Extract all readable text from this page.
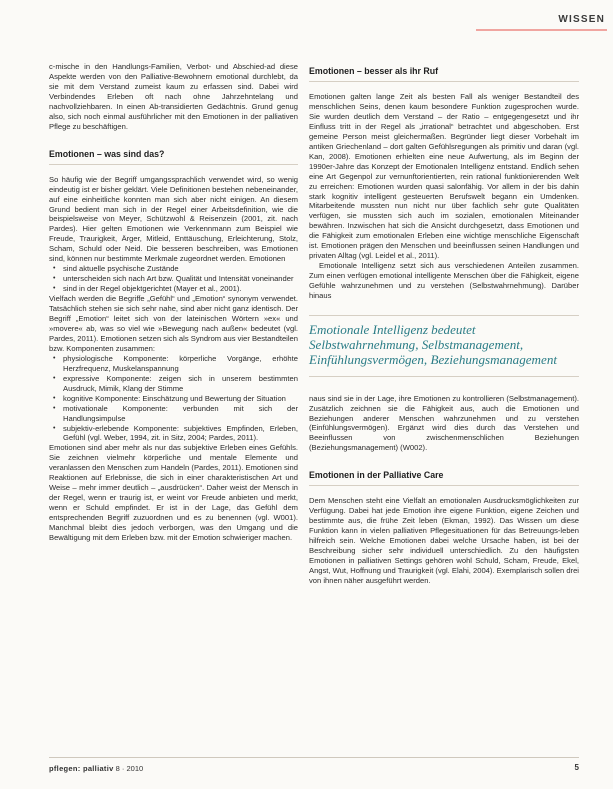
WISSEN

c-mische in den Handlungs-Familien, Verbot- und Abschied-ad diese Aspekte werden von den Palliative-Bewohnern emotional durchlebt, da sie mit dem Verstand zumeist kaum zu erfassen sind. Dabei wird Verbindendes Erleben oft nach ohne Jahrzehntelang und nachvollziehbaren. In einen Ab-transidierten Gedächtnis. Grund genug also, sich noch einmal ausführlicher mit den Emotionen in der palliativen Pflege zu beschäftigen.

Emotionen – was sind das?

So häufig wie der Begriff umgangssprachlich verwendet wird, so wenig eindeutig ist er bisher geklärt. Viele Definitionen bestehen nebeneinander, auf eine einheitliche konnten man sich aber nicht einigen. An diesem Grund bedient man sich in der Regel einer Arbeitsdefinition, wie die beispielsweise von Meyer, Schützwohl & Reisenzein (2001, zit. nach Pardes). Hier gelten Emotionen wie Verkennmann zum Beispiel wie Freude, Traurigkeit, Ärger, Mitleid, Enttäuschung, Erleichterung, Stolz, Scham, Schuld oder Neid. Die besseren beschreiben, was Emotionen sind, können nur bestimmte Merkmale zugeordnet werden. Emotionen

• sind aktuelle psychische Zustände
• unterscheiden sich nach Art bzw. Qualität und Intensität voneinander
• sind in der Regel objektgerichtet (Mayer et al., 2001).

Vielfach werden die Begriffe „Gefühl“ und „Emotion“ synonym verwendet. Tatsächlich stehen sie sich sehr nahe, sind aber nicht ganz identisch. Der Begriff „Emotion“ leitet sich von der lateinischen Wörtern »ex« und »movere« ab, was so viel wie »Bewegung nach außen« bedeutet (vgl. Pardes, 2011). Emotionen setzen sich als Syndrom aus vier Bestandteilen bzw. Komponenten zusammen:

• physiologische Komponente: körperliche Vorgänge, erhöhte Herzfrequenz, Muskelanspannung
• expressive Komponente: zeigen sich in unserem bestimmten Ausdruck, Mimik, Klang der Stimme
• kognitive Komponente: Einschätzung und Bewertung der Situation
• motivationale Komponente: verbunden mit sich der Handlungsimpulse
• subjektiv-erlebende Komponente: subjektives Empfinden, Erleben, Gefühl (vgl. Weber, 1994, zit. in Sitz, 2004; Pardes, 2011).

Emotionen sind aber mehr als nur das subjektive Erleben eines Gefühls. Sie zeichnen vielmehr körperliche und mentale Elemente und veranlassen den Menschen zum Handeln (Pardes, 2011). Emotionen sind Reaktionen auf Erlebnisse, die sich in einer charakteristischen Art und Weise – mehr immer deutlich – „ausdrücken“. Daher weist der Mensch in der Regel, wenn er traurig ist, er weint vor Freude anbieten und merkt, wenn er Schuld empfindet. Er ist in der Lage, das Gefühl dem entsprechenden Begriff zuzuordnen und es zu benennen (vgl. W001). Manchmal bleibt dies jedoch verborgen, was den Umgang und die Bewältigung mit dem Erleben bzw. mit der Emotion schwieriger machen.

Emotionen – besser als ihr Ruf

Emotionen galten lange Zeit als besten Fall als weniger Bestandteil des menschlichen Seins, denen kaum besondere Funktion zugesprochen wurde. Sie wurden deutlich dem Verstand – der Ratio – entgegengesetzt und ihr Einfluss tritt in der Regel als „irrational“ betrachtet und abgeschoben. Erst gemeine Person meist gleichermaßen. Begründer liegt dieser Vorbehalt im antiken Griechenland – dort galten Gefühlsregungen als primitiv und daran (vgl. Kan, 2008). Emotionen erhielten eine neue Aufwertung, als im Beginn der 1990er-Jahre das Konzept der Emotionalen Intelligenz entstand. Endlich sehen eine Art Gegenpol zur vernunftorientierten, rein rational funktionierenden Welt zu erreichen: Emotionen wurden quasi salonfähig. Vor allem in der bis dahin stark kognitiv intelligent gesteuerten Berufswelt begann ein Umdenken. Mitarbeitende mussten nun nicht nur über fachlich sehr gute Qualitäten verfügen, sie mussten sich auch im sozialen, emotionalen Miteinander bewähren. Inzwischen hat sich die Ansicht durchgesetzt, dass Emotionen und die Fähigkeit zum emotionalen Erleben eine wichtige menschliche Eigenschaft ist. Emotionen prägen den Menschen und beeinflussen seinen Handlungen und privaten Alltag (vgl. Leidel et al., 2011).

Emotionale Intelligenz setzt sich aus verschiedenen Anteilen zusammen. Zum einen verfügen emotional intelligente Menschen über die Fähigkeit, eigene Gefühle wahrzunehmen und zu verstehen (Selbstwahrnehmung). Darüber hinaus

Emotionale Intelligenz bedeutet Selbstwahrnehmung, Selbstmanagement, Einfühlungsvermögen, Beziehungsmanagement

naus sind sie in der Lage, ihre Emotionen zu kontrollieren (Selbstmanagement). Zusätzlich zeichnen sie die Fähigkeit aus, auch die Emotionen und Beziehungen anderer Menschen wahrzunehmen und zu verstehen (Einfühlungsvermögen). Ergänzt wird dies durch das Verstehen und Beeinflussen von zwischenmenschlichen Beziehungen (Beziehungsmanagement) (W002).

Emotionen in der Palliative Care

Dem Menschen steht eine Vielfalt an emotionalen Ausdrucksmöglichkeiten zur Verfügung. Dabei hat jede Emotion ihre eigene Funktion, eigene Zeichen und bestimmte aus, die frühe Zeit leben (Ekman, 1992). Das Wissen um diese Funktion kann in vielen palliativen Pflegesituationen für das Betreuungs-leben hilfreich sein. Welche Emotionen dabei welche Ursache haben, ist bei der Beschreibung sicher sehr individuell unterschiedlich. Zu den häufigsten Emotionen in palliativen Settings gehören wohl Schuld, Scham, Freude, Ekel, Angst, Wut, Hoffnung und Traurigkeit (vgl. Elahi, 2004). Exemplarisch sollen drei von ihnen näher ausgeführt werden.

pflegen: palliativ 8 · 2010	5
